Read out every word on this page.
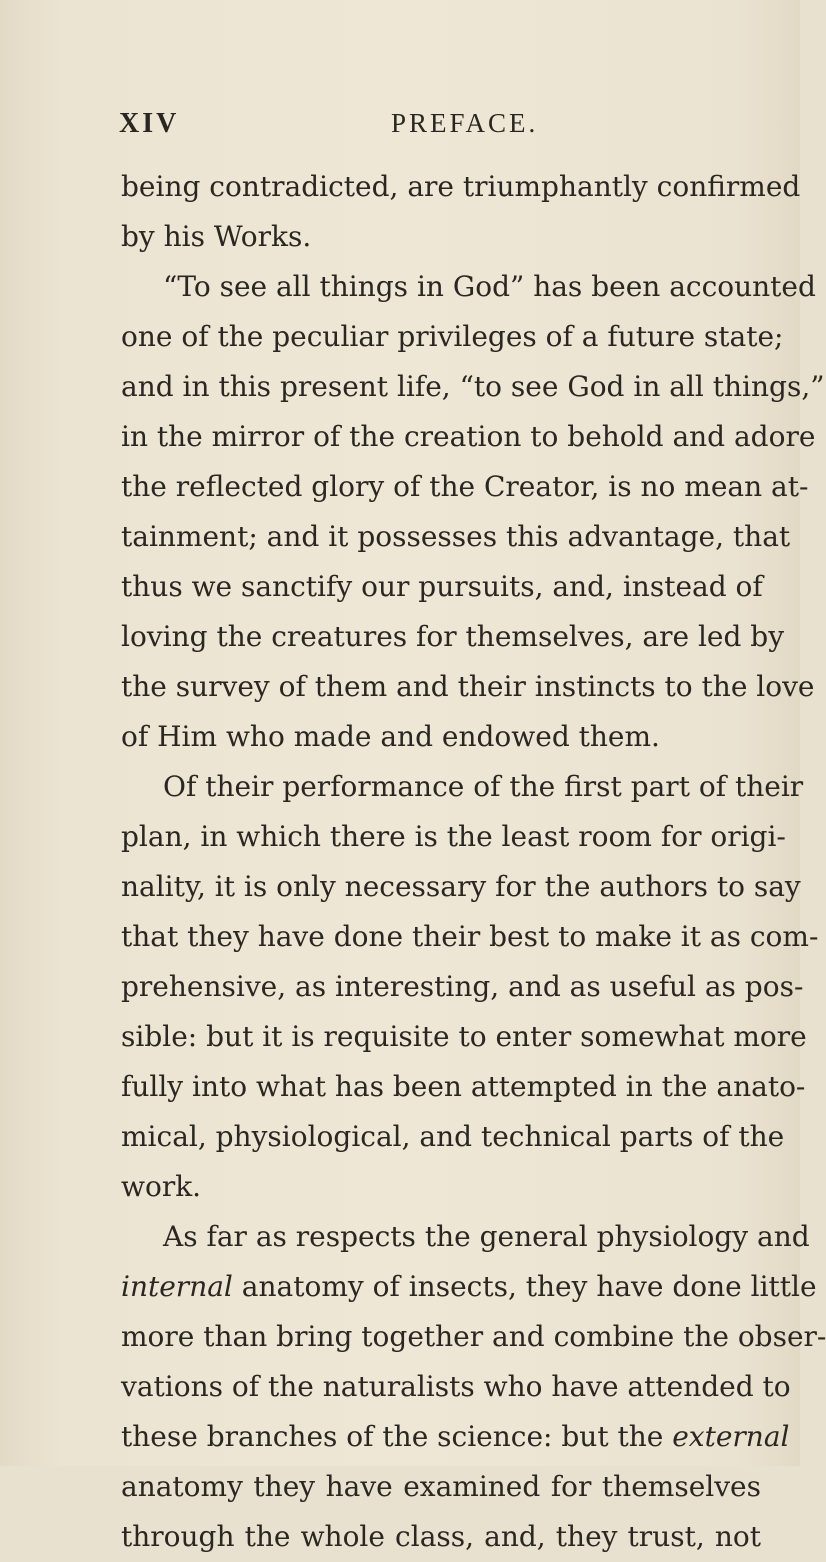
XIV	PREFACE.
being contradicted, are triumphantly confirmed
by his Works.
“To see all things in God” has been accounted
one of the peculiar privileges of a future state;
and in this present life, “to see God in all things,”
in the mirror of the creation to behold and adore
the reflected glory of the Creator, is no mean at-
tainment; and it possesses this advantage, that
thus we sanctify our pursuits, and, instead of
loving the creatures for themselves, are led by
the survey of them and their instincts to the love
of Him who made and endowed them.
Of their performance of the first part of their
plan, in which there is the least room for origi-
nality, it is only necessary for the authors to say
that they have done their best to make it as com-
prehensive, as interesting, and as useful as pos-
sible: but it is requisite to enter somewhat more
fully into what has been attempted in the anato-
mical, physiological, and technical parts of the
work.
As far as respects the general physiology and
internal anatomy of insects, they have done little
more than bring together and combine the obser-
vations of the naturalists who have attended to
these branches of the science: but the external
anatomy they have examined for themselves
through the whole class, and, they trust, not
